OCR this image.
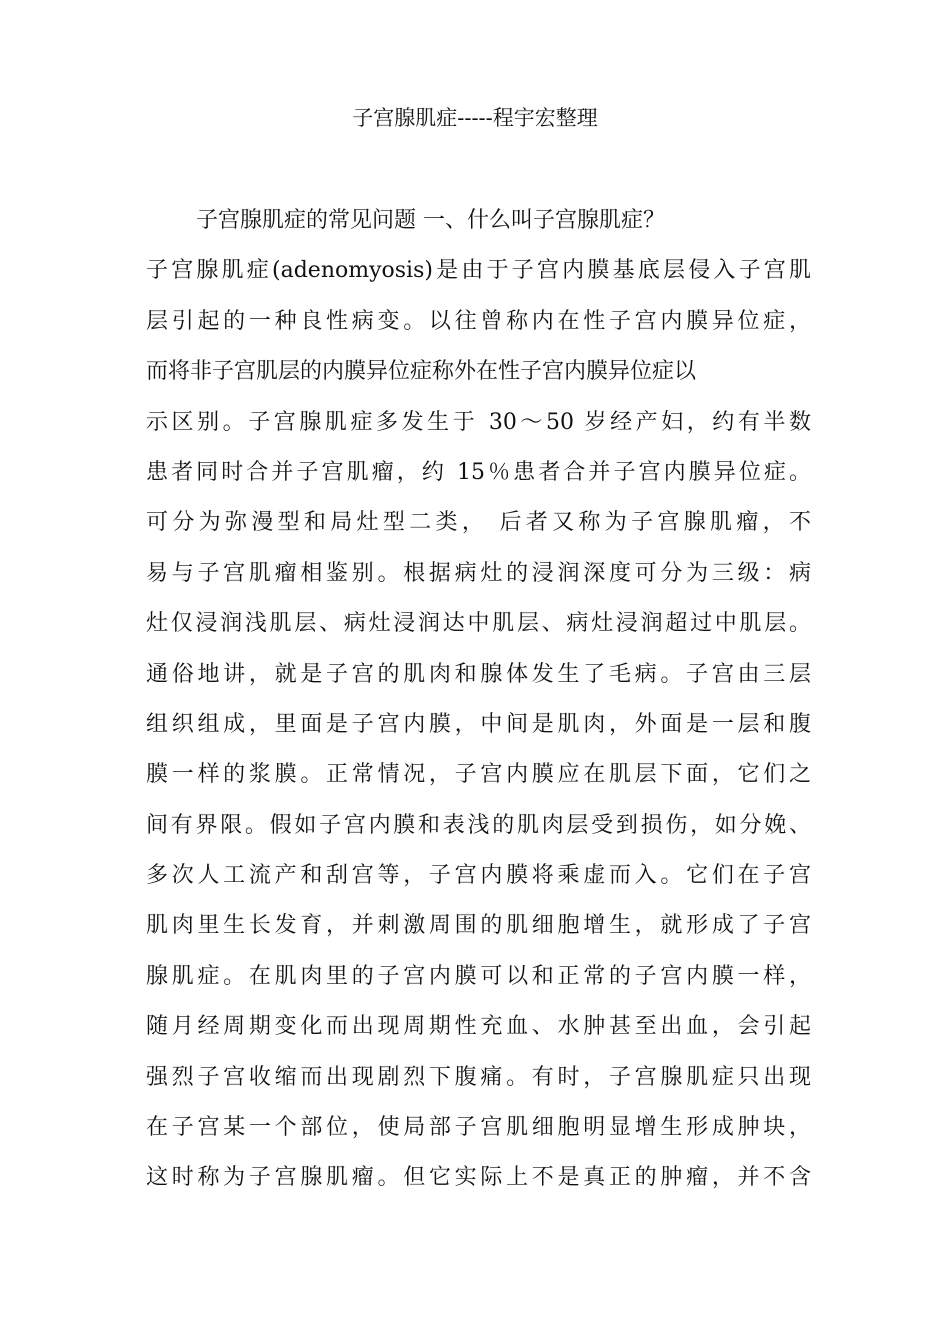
子宫腺肌症-----程宇宏整理
子宫腺肌症的常见问题 一、什么叫子宫腺肌症？
子宫腺肌症(adenomyosis)是由于子宫内膜基底层侵入子宫肌
层引起的一种良性病变。以往曾称内在性子宫内膜异位症，
而将非子宫肌层的内膜异位症称外在性子宫内膜异位症以
示区别。子宫腺肌症多发生于 30～50 岁经产妇，约有半数
患者同时合并子宫肌瘤，约 15％患者合并子宫内膜异位症。
可分为弥漫型和局灶型二类， 后者又称为子宫腺肌瘤，不
易与子宫肌瘤相鉴别。根据病灶的浸润深度可分为三级：病
灶仅浸润浅肌层、病灶浸润达中肌层、病灶浸润超过中肌层。
通俗地讲，就是子宫的肌肉和腺体发生了毛病。子宫由三层
组织组成，里面是子宫内膜，中间是肌肉，外面是一层和腹
膜一样的浆膜。正常情况，子宫内膜应在肌层下面，它们之
间有界限。假如子宫内膜和表浅的肌肉层受到损伤，如分娩、
多次人工流产和刮宫等，子宫内膜将乘虚而入。它们在子宫
肌肉里生长发育，并刺激周围的肌细胞增生，就形成了子宫
腺肌症。在肌肉里的子宫内膜可以和正常的子宫内膜一样，
随月经周期变化而出现周期性充血、水肿甚至出血，会引起
强烈子宫收缩而出现剧烈下腹痛。有时，子宫腺肌症只出现
在子宫某一个部位，使局部子宫肌细胞明显增生形成肿块，
这时称为子宫腺肌瘤。但它实际上不是真正的肿瘤，并不含
